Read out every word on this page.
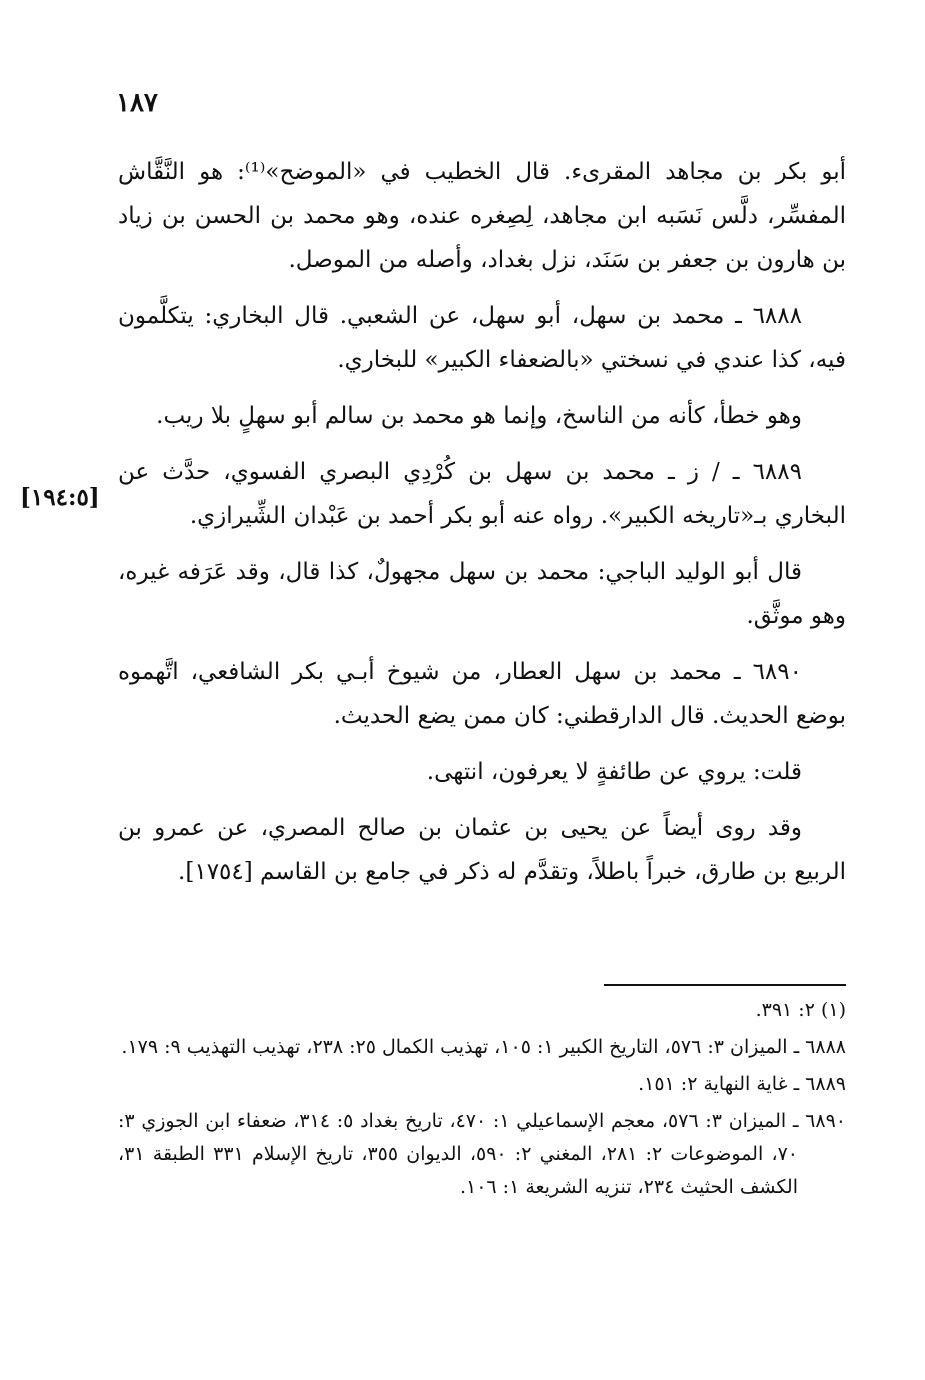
١٨٧
[١٩٤:٥]

أبو بكر بن مجاهد المقرىء. قال الخطيب في «الموضح»⁽¹⁾: هو النَّقَّاش المفسِّر، دلَّس نَسَبه ابن مجاهد، لِصِغره عنده، وهو محمد بن الحسن بن زياد بن هارون بن جعفر بن سَنَد، نزل بغداد، وأصله من الموصل.

٦٨٨٨ ـ محمد بن سهل، أبو سهل، عن الشعبي. قال البخاري: يتكلَّمون فيه، كذا عندي في نسختي «بالضعفاء الكبير» للبخاري.

وهو خطأ، كأنه من الناسخ، وإنما هو محمد بن سالم أبو سهلٍ بلا ريب.

٦٨٨٩ ـ / ز ـ محمد بن سهل بن كُرْدِي البصري الفسوي، حدَّث عن البخاري بـ«تاريخه الكبير». رواه عنه أبو بكر أحمد بن عَبْدان الشِّيرازي.

قال أبو الوليد الباجي: محمد بن سهل مجهولٌ، كذا قال، وقد عَرَفه غيره، وهو موثَّق.

٦٨٩٠ ـ محمد بن سهل العطار، من شيوخ أبـي بكر الشافعي، اتَّهموه بوضع الحديث. قال الدارقطني: كان ممن يضع الحديث.

قلت: يروي عن طائفةٍ لا يعرفون، انتهى.

وقد روى أيضاً عن يحيى بن عثمان بن صالح المصري، عن عمرو بن الربيع بن طارق، خبراً باطلاً، وتقدَّم له ذكر في جامع بن القاسم [١٧٥٤].

(١) ٢: ٣٩١.

٦٨٨٨ ـ الميزان ٣: ٥٧٦، التاريخ الكبير ١: ١٠٥، تهذيب الكمال ٢٥: ٢٣٨، تهذيب التهذيب ٩: ١٧٩.

٦٨٨٩ ـ غاية النهاية ٢: ١٥١.

٦٨٩٠ ـ الميزان ٣: ٥٧٦، معجم الإسماعيلي ١: ٤٧٠، تاريخ بغداد ٥: ٣١٤، ضعفاء ابن الجوزي ٣: ٧٠، الموضوعات ٢: ٢٨١، المغني ٢: ٥٩٠، الديوان ٣٥٥، تاريخ الإسلام ٣٣١ الطبقة ٣١، الكشف الحثيث ٢٣٤، تنزيه الشريعة ١: ١٠٦.
